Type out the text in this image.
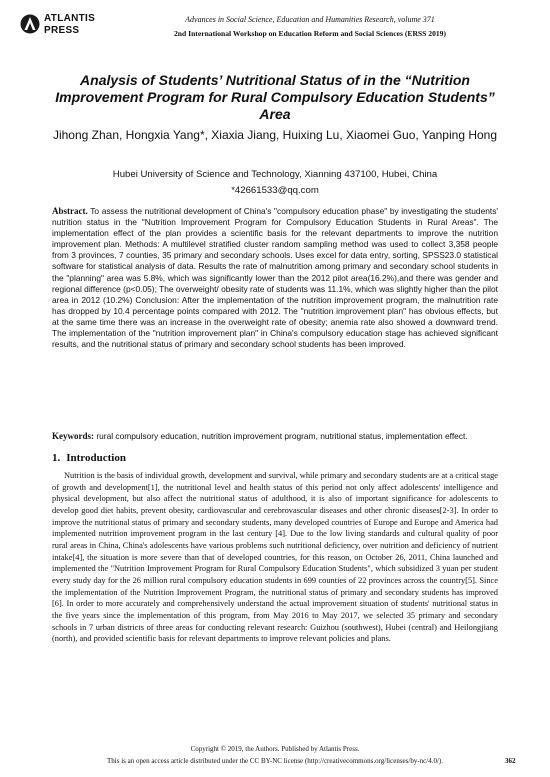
ATLANTIS
PRESS
Advances in Social Science, Education and Humanities Research, volume 371
2nd International Workshop on Education Reform and Social Sciences (ERSS 2019)
Analysis of Students’ Nutritional Status of in the “Nutrition Improvement Program for Rural Compulsory Education Students” Area
Jihong Zhan, Hongxia Yang*, Xiaxia Jiang, Huixing Lu, Xiaomei Guo, Yanping Hong
Hubei University of Science and Technology, Xianning 437100, Hubei, China
*42661533@qq.com
Abstract. To assess the nutritional development of China's "compulsory education phase" by investigating the students' nutrition status in the "Nutrition Improvement Program for Compulsory Education Students in Rural Areas". The implementation effect of the plan provides a scientific basis for the relevant departments to improve the nutrition improvement plan. Methods: A multilevel stratified cluster random sampling method was used to collect 3,358 people from 3 provinces, 7 counties, 35 primary and secondary schools. Uses excel for data entry, sorting, SPSS23.0 statistical software for statistical analysis of data. Results the rate of malnutrition among primary and secondary school students in the "planning" area was 5.8%, which was significantly lower than the 2012 pilot area(16.2%),and there was gender and regional difference (p<0.05); The overweight/ obesity rate of students was 11.1%, which was slightly higher than the pilot area in 2012 (10.2%) Conclusion: After the implementation of the nutrition improvement program, the malnutrition rate has dropped by 10.4 percentage points compared with 2012. The "nutrition improvement plan" has obvious effects, but at the same time there was an increase in the overweight rate of obesity; anemia rate also showed a downward trend. The implementation of the "nutrition improvement plan" in China's compulsory education stage has achieved significant results, and the nutritional status of primary and secondary school students has been improved.
Keywords: rural compulsory education, nutrition improvement program, nutritional status, implementation effect.
1. Introduction
Nutrition is the basis of individual growth, development and survival, while primary and secondary students are at a critical stage of growth and development[1], the nutritional level and health status of this period not only affect adolescents' intelligence and physical development, but also affect the nutritional status of adulthood, it is also of important significance for adolescents to develop good diet habits, prevent obesity, cardiovascular and cerebrovascular diseases and other chronic diseases[2-3]. In order to improve the nutritional status of primary and secondary students, many developed countries of Europe and Europe and America had implemented nutrition improvement program in the last century [4]. Due to the low living standards and cultural quality of poor rural areas in China, China's adolescents have various problems such nutritional deficiency, over nutrition and deficiency of nutrient intake[4], the situation is more severe than that of developed countries, for this reason, on October 26, 2011, China launched and implemented the "Nutrition Improvement Program for Rural Compulsory Education Students", which subsidized 3 yuan per student every study day for the 26 million rural compulsory education students in 699 counties of 22 provinces across the country[5]. Since the implementation of the Nutrition Improvement Program, the nutritional status of primary and secondary students has improved [6]. In order to more accurately and comprehensively understand the actual improvement situation of students' nutritional status in the five years since the implementation of this program, from May 2016 to May 2017, we selected 35 primary and secondary schools in 7 urban districts of three areas for conducting relevant research: Guizhou (southwest), Hubei (central) and Heilongjiang (north), and provided scientific basis for relevant departments to improve relevant policies and plans.
Copyright © 2019, the Authors. Published by Atlantis Press.
This is an open access article distributed under the CC BY-NC license (http://creativecommons.org/licenses/by-nc/4.0/).	362
